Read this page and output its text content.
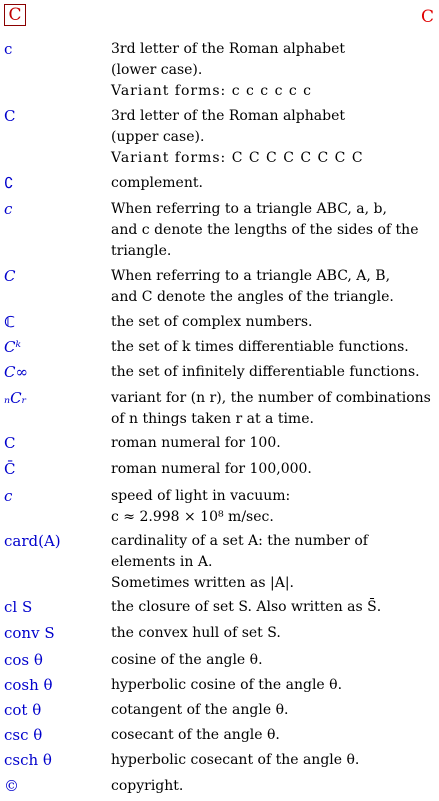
C	C
c	3rd letter of the Roman alphabet
(lower case).
Variant forms: c c c c c c
C	3rd letter of the Roman alphabet
(upper case).
Variant forms: C C C C C C C C
∁	complement.
c	When referring to a triangle ABC, a, b,
and c denote the lengths of the sides of the
triangle.
C	When referring to a triangle ABC, A, B,
and C denote the angles of the triangle.
ℂ	the set of complex numbers.
Cᵏ	the set of k times differentiable functions.
C∞	the set of infinitely differentiable functions.
ₙCᵣ	variant for (n r), the number of combinations
of n things taken r at a time.
C	roman numeral for 100.
C̄	roman numeral for 100,000.
c	speed of light in vacuum:
c ≈ 2.998 × 10⁸ m/sec.
card(A)	cardinality of a set A: the number of
elements in A.
Sometimes written as |A|.
cl S	the closure of set S. Also written as S̄.
conv S	the convex hull of set S.
cos θ	cosine of the angle θ.
cosh θ	hyperbolic cosine of the angle θ.
cot θ	cotangent of the angle θ.
csc θ	cosecant of the angle θ.
csch θ	hyperbolic cosecant of the angle θ.
©	copyright.
